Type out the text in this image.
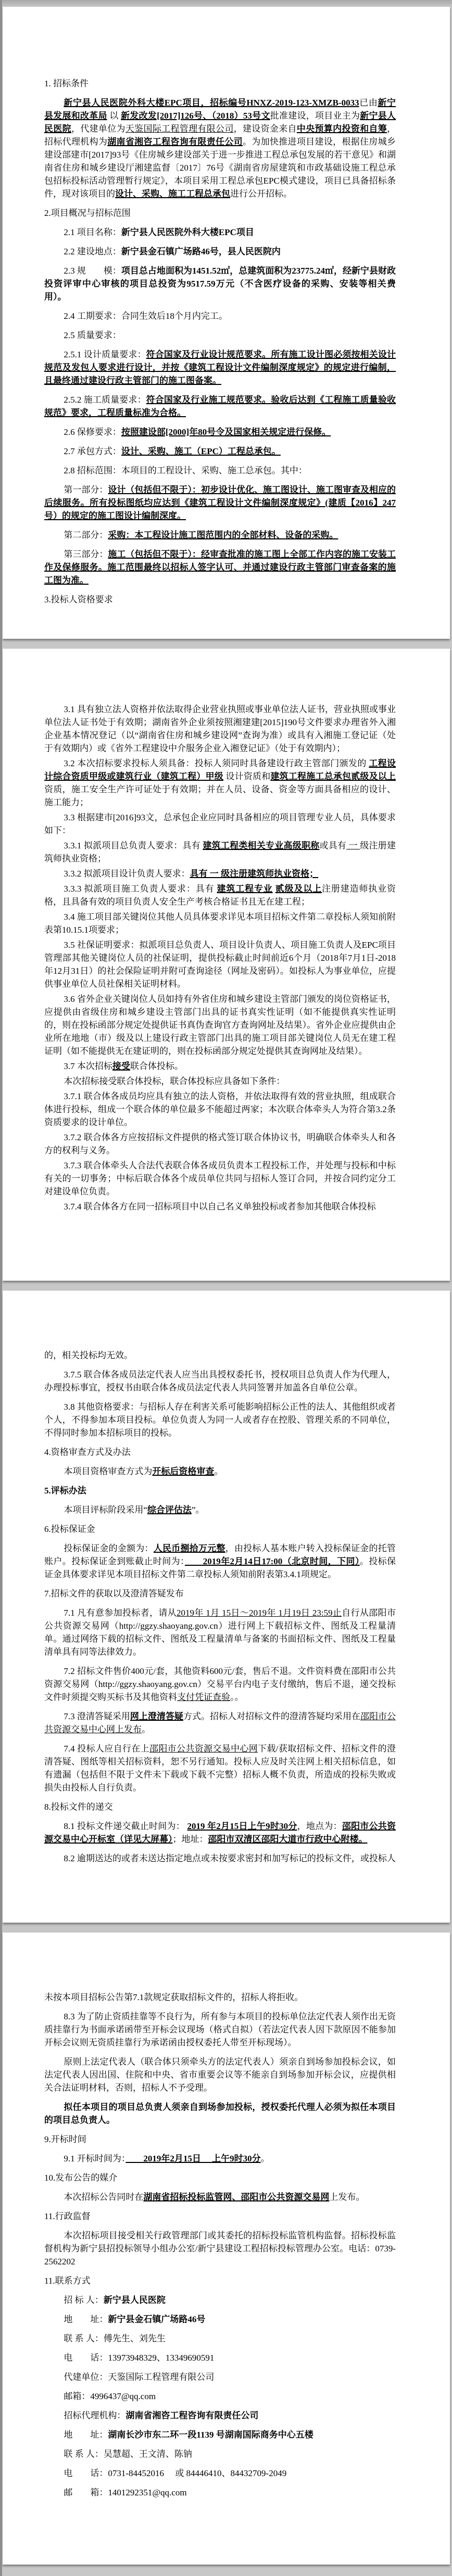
1. 招标条件

新宁县人民医院外科大楼EPC项目，招标编号HNXZ-2019-123-XMZB-0033已由新宁县发展和改革局 以 新发改发[2017]126号、（2018）53号文批准建设，项目业主为新宁县人民医院，代建单位为天鉴国际工程管理有限公司，建设资金来自中央预算内投资和自筹， 招标代理机构为湖南省湘咨工程咨询有限责任公司。为加快推进项目建设，根据住房城乡建设部建市[2017]93号《住房城乡建设部关于进一步推进工程总承包发展的若干意见》和湖南省住房和城乡建设厅湘建监督〔2017〕76号《湖南省房屋建筑和市政基础设施工程总承包招标投标活动管理暂行规定》，本项目采用工程总承包EPC模式建设，项目已具备招标条件，现对该项目的设计、采购、施工工程总承包进行公开招标。

2.项目概况与招标范围

2.1 项目名称：新宁县人民医院外科大楼EPC项目

2.2 建设地点：新宁县金石镇广场路46号，县人民医院内

2.3 规　　模：项目总占地面积为1451.52㎡，总建筑面积为23775.24㎡，经新宁县财政投资评审中心审核的项目总投资为9517.59万元（不含医疗设备的采购、安装等相关费用）。

2.4 工期要求：合同生效后18个月内完工。

2.5 质量要求：

2.5.1 设计质量要求：符合国家及行业设计规范要求。所有施工设计图必须按相关设计规范及发包人要求进行设计，并按《建筑工程设计文件编制深度规定》的规定进行编制，且最终通过建设行政主管部门的施工图备案。

2.5.2 施工质量要求：符合国家及行业施工规范要求。验收后达到《工程施工质量验收规范》要求，工程质量标准为合格。

2.6 保修要求：按照建设部[2000]年80号令及国家相关规定进行保修。

2.7 承包方式：设计、采购、施工（EPC）工程总承包。

2.8 招标范围：本项目的工程设计、采购、施工总承包。其中：

第一部分：设计（包括但不限于）：初步设计优化、施工图设计、施工图审查及相应的后续服务。所有投标图纸均应达到《建筑工程设计文件编制深度规定》(建质【2016】247号）的规定的施工图设计编制深度。

第二部分：采购：本工程设计施工图范围内的全部材料、设备的采购。

第三部分：施工（包括但不限于）：经审查批准的施工图上全部工作内容的施工安装工作及保修服务。施工范围最终以招标人签字认可、并通过建设行政主管部门审查备案的施工图为准。

3.投标人资格要求

3.1 具有独立法人资格并依法取得企业营业执照或事业单位法人证书，营业执照或事业单位法人证书处于有效期；湖南省外企业须按照湘建建[2015]190号文件要求办理省外入湘企业基本情况登记（以“湖南省住房和城乡建设网”查询为准）或具有入湘施工登记证（处于有效期内）或《省外工程建设中介服务企业入湘登记证》（处于有效期内）；

3.2 本次招标要求投标人须具备：投标人须同时具备建设行政主管部门颁发的 工程设计综合资质甲级或建筑行业（建筑工程）甲级 设计资质和建筑工程施工总承包贰级及以上 资质，施工安全生产许可证处于有效期；并在人员、设备、资金等方面具备相应的设计、施工能力；

3.3 根据建市[2016]93文，总承包企业应同时具备相应的项目管理专业人员，具体要求如下：

3.3.1 拟派项目总负责人要求：具有 建筑工程类相关专业高级职称或具有 一 级注册建筑师执业资格；

3.3.2 拟派项目设计负责人要求：具有 一 级注册建筑师执业资格；

3.3.3 拟派项目施工负责人要求：具有 建筑工程专业 贰级及以上注册建造师执业资格，且具备有效的项目负责人安全生产考核合格证书且无在建工程；

3.4 施工项目部关键岗位其他人员具体要求详见本项目招标文件第二章投标人须知前附表第10.15.1项要求；

3.5 社保证明要求：拟派项目总负责人、项目设计负责人、项目施工负责人及EPC项目管理部其他关键岗位人员的社保证明，提供投标截止时间前近6个月（2018年7月1日-2018年12月31日）的社会保险证明并附可查询途径（网址及密码）。如投标人为事业单位，应提供事业单位人员社保相关证明材料。

3.6 省外企业关键岗位人员如持有外省住房和城乡建设主管部门颁发的岗位资格证书，应提供由省级住房和城乡建设主管部门出具的证书真实性证明（如不能提供真实性证明的，则在投标函部分规定处提供证书真伪查询官方查询网址及结果）。省外企业应提供由企业所在地地（市）级及以上建设行政主管部门出具的施工项目部关键岗位人员无在建工程证明（如不能提供无在建证明的，则在投标函部分规定处提供其查询网址及结果）。

3.7 本次招标接受联合体投标。

本次招标接受联合体投标，联合体投标应具备如下条件：

3.7.1 联合体各成员均应具有独立的法人资格，并依法取得有效的营业执照，组成联合体进行投标，组成一个联合体的单位最多不能超过两家；本次联合体牵头人为符合第3.2条资质要求的设计单位。

3.7.2 联合体各方应按招标文件提供的格式签订联合体协议书，明确联合体牵头人和各方的权利与义务。

3.7.3 联合体牵头人合法代表联合体各成员负责本工程投标工作，并处理与投标和中标有关的一切事务；中标后联合体各个成员单位共同与招标人签订合同，并按合同约定分工对建设单位负责。

3.7.4 联合体各方在同一招标项目中以自己名义单独投标或者参加其他联合体投标

的，相关投标均无效。

3.7.5 联合体各成员法定代表人应当出具授权委托书，授权项目总负责人作为代理人，办理投标事宜，授权书由联合体各成员法定代表人共同签署并加盖各自单位公章。

3.8 其他资格要求：与招标人存在利害关系可能影响招标公正性的法人、其他组织或者个人，不得参加本项目投标。单位负责人为同一人或者存在控股、管理关系的不同单位，不得同时参加本招标项目的投标。

4.资格审查方式及办法

本项目资格审查方式为开标后资格审查。

5.评标办法

本项目评标阶段采用“综合评估法”。

6.投标保证金

投标保证金的金额为：人民币捌拾万元整，由投标人基本账户转入投标保证金的托管账户。投标保证金到账截止时间为：　　2019年2月14日17:00（北京时间，下同）。投标保证金具体要求详见本项目招标文件第二章投标人须知前附表第3.4.1项规定。

7.招标文件的获取以及澄清答疑发布

7.1 凡有意参加投标者，请从2019年 1月 15日～2019年 1月19日 23:59止自行从邵阳市公共资源交易网（http://ggzy.shaoyang.gov.cn）进行网上下载招标文件、图纸及工程量清单。通过网络下载的招标文件、图纸及工程量清单与备案的书面招标文件、图纸及工程量清单具有同等法律效力。

7.2 招标文件售价400元/套，其他资料600元/套，售后不退。文件资料费在邵阳市公共资源交易网（http://ggzy.shaoyang.gov.cn）交易平台内电子支付缴纳，售后不退，递交投标文件时须提交购买标书及其他资料支付凭证查验。。

7.3 澄清答疑采用网上澄清答疑方式。招标人对招标文件的澄清答疑均采用在邵阳市公共资源交易中心网上发布。

7.4 投标人应自行在上邵阳市公共资源交易中心网下载/获取招标文件、招标文件的澄清答疑、图纸等相关招标资料，恕不另行通知。投标人应及时关注网上相关招标信息，如有遗漏（包括但不限于文件未下载或下载不完整）招标人概不负责，所造成的投标失败或损失由投标人自行负责。

8.投标文件的递交

8.1 投标文件递交截止时间为： 2019 年2月15日上午9时30分，地点为：邵阳市公共资源交易中心开标室（详见大屏幕）；地址：邵阳市双清区邵阳大道市行政中心附楼。

8.2 逾期送达的或者未送达指定地点或未按要求密封和加写标记的投标文件，或投标人

未按本项目招标公告第7.1款规定获取招标文件的，招标人将拒收。

8.3 为了防止资质挂靠等不良行为，所有参与本项目的投标单位法定代表人须作出无资质挂靠行为书面承诺函带至开标会议现场（格式自拟）（若法定代表人因下款原因不能参加开标会议则无资质挂靠行为承诺函由授权委托人带至开标现场）。

原则上法定代表人（联合体只须牵头方的法定代表人）须亲自到场参加投标会议，如法定代表人因出国、住院和中央、省市重要会议等不能亲自到场参加开标会议，应提供相关合法证明材料，否则，招标人不予受理。

拟任本项目的项目总负责人须亲自到场参加投标，授权委托代理人必须为拟任本项目的项目总负责人。

9.开标时间

9.1 开标时间为：　　2019年2月15日　 上午9时30分。

10.发布公告的媒介

本次招标公告同时在湖南省招标投标监管网、邵阳市公共资源交易网上发布。

11.行政监督

本次招标项目接受相关行政管理部门或其委托的招标投标监管机构监督。招标投标监督机构为新宁县招投标领导小组办公室/新宁县建设工程招标投标管理办公室。电话：0739-2562202

11.联系方式

招 标 人：新宁县人民医院

地　　址：新宁县金石镇广场路46号

联 系 人：傅先生、刘先生

电　　话：13973948329、13349690591

代建单位：天鉴国际工程管理有限公司

邮箱：4996437@qq.com

招标代理机构：湖南省湘咨工程咨询有限责任公司

地　　址：湖南长沙市东二环一段1139 号湖南国际商务中心五楼

联 系 人：吴慧超、王文清、陈钠

电　　话：0731-84452016　 或 84446410、84432709-2049

邮　　箱：1401292351@qq.com
